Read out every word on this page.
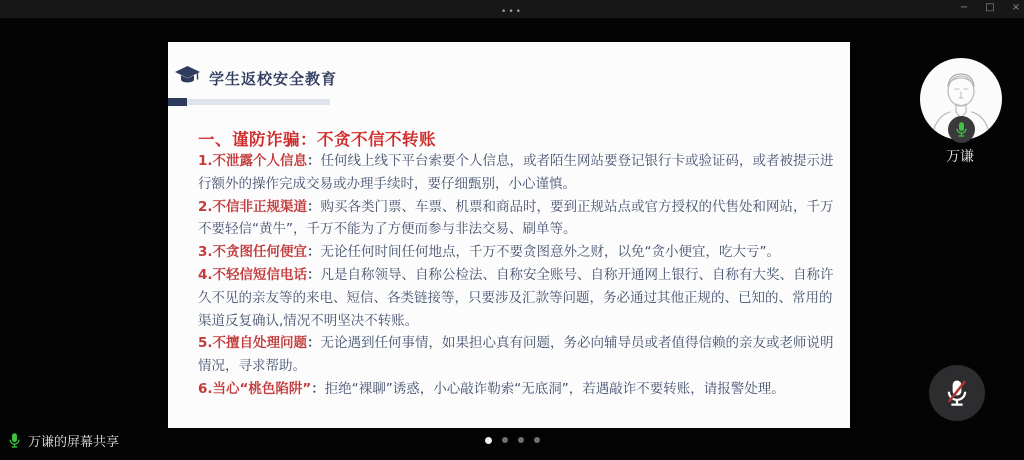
•••	− □ ×
学生返校安全教育
一、谨防诈骗：不贪不信不转账

1.不泄露个人信息：任何线上线下平台索要个人信息，或者陌生网站要登记银行卡或验证码，或者被提示进行额外的操作完成交易或办理手续时，要仔细甄别，小心谨慎。

2.不信非正规渠道：购买各类门票、车票、机票和商品时，要到正规站点或官方授权的代售处和网站，千万不要轻信“黄牛”，千万不能为了方便而参与非法交易、刷单等。

3.不贪图任何便宜：无论任何时间任何地点，千万不要贪图意外之财，以免“贪小便宜，吃大亏”。

4.不轻信短信电话：凡是自称领导、自称公检法、自称安全账号、自称开通网上银行、自称有大奖、自称许久不见的亲友等的来电、短信、各类链接等，只要涉及汇款等问题，务必通过其他正规的、已知的、常用的渠道反复确认,情况不明坚决不转账。

5.不擅自处理问题：无论遇到任何事情，如果担心真有问题，务必向辅导员或者值得信赖的亲友或老师说明情况，寻求帮助。

6.当心“桃色陷阱”：拒绝“裸聊”诱惑，小心敲诈勒索“无底洞”，若遇敲诈不要转账，请报警处理。

万谦
万谦的屏幕共享
